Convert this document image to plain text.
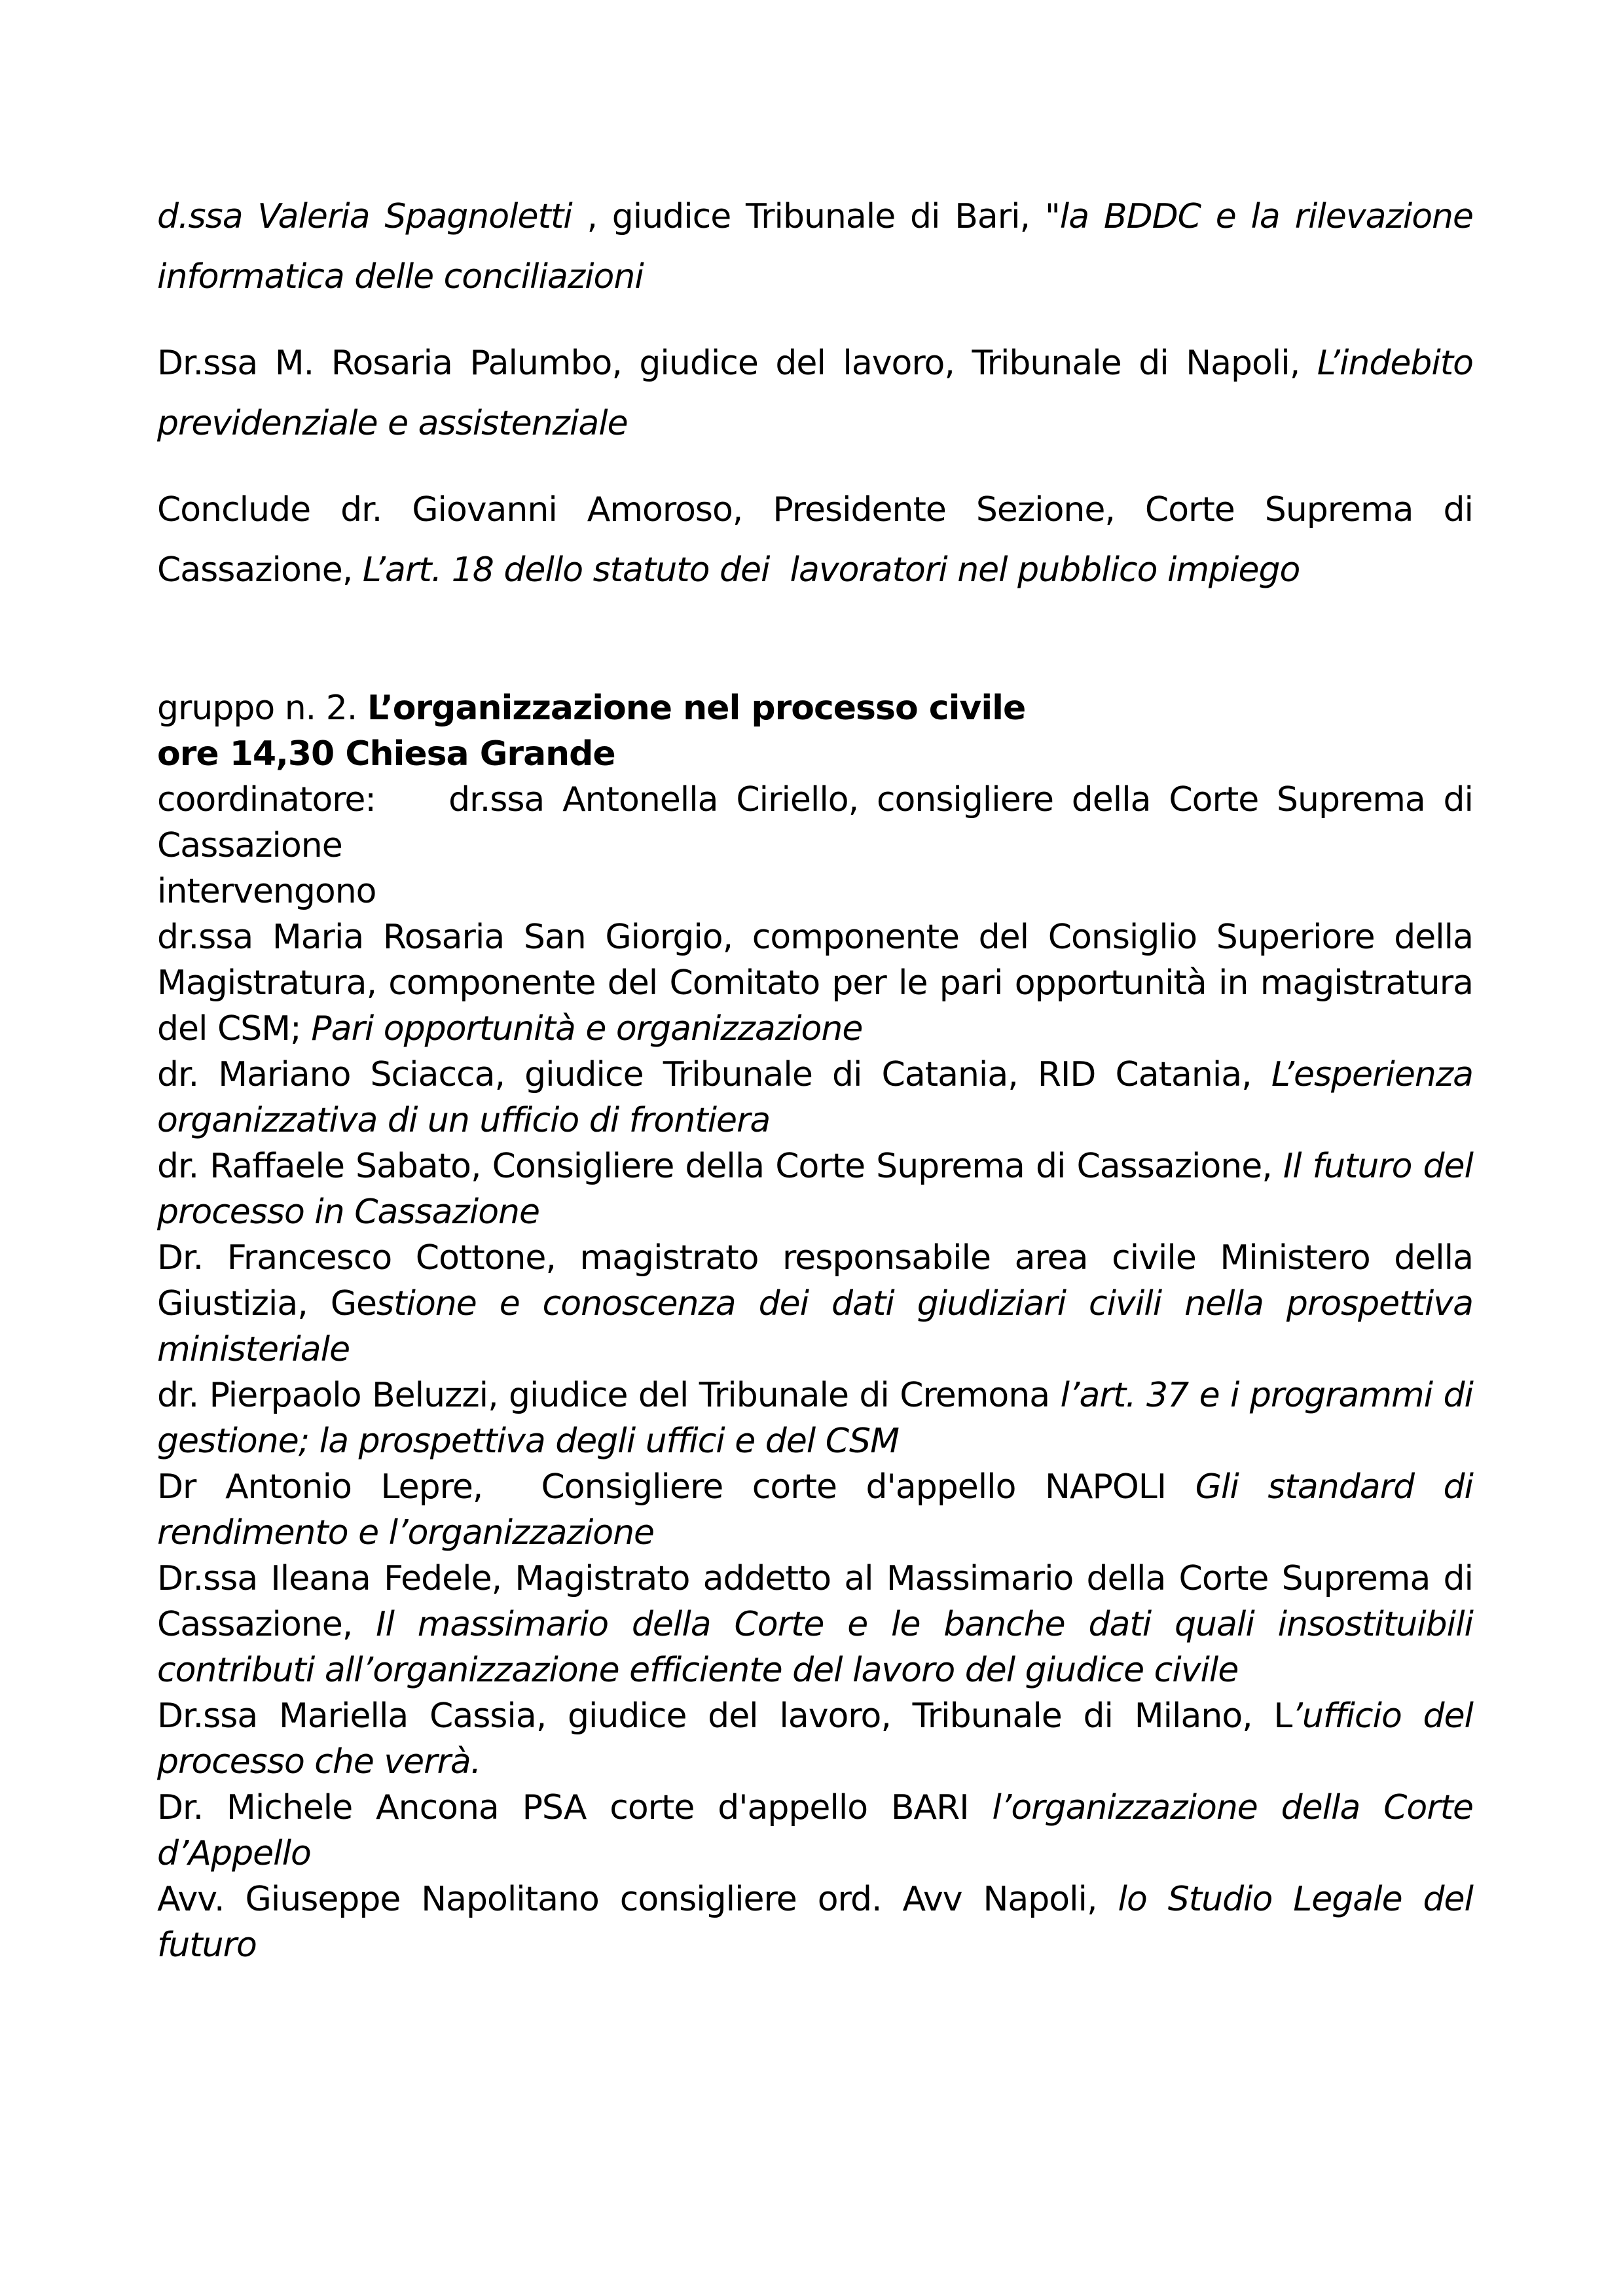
d.ssa Valeria Spagnoletti , giudice Tribunale di Bari, "la BDDC e la rilevazione informatica delle conciliazioni

Dr.ssa M. Rosaria Palumbo, giudice del lavoro, Tribunale di Napoli, L’indebito previdenziale e assistenziale

Conclude dr. Giovanni Amoroso, Presidente Sezione, Corte Suprema di Cassazione, L’art. 18 dello statuto dei  lavoratori nel pubblico impiego

gruppo n. 2. L’organizzazione nel processo civile

ore 14,30 Chiesa Grande

coordinatore:    dr.ssa Antonella Ciriello, consigliere della Corte Suprema di Cassazione

intervengono

dr.ssa Maria Rosaria San Giorgio, componente del Consiglio Superiore della Magistratura, componente del Comitato per le pari opportunità in magistratura del CSM; Pari opportunità e organizzazione

dr. Mariano Sciacca, giudice Tribunale di Catania, RID Catania, L’esperienza organizzativa di un ufficio di frontiera

dr. Raffaele Sabato, Consigliere della Corte Suprema di Cassazione, Il futuro del processo in Cassazione

Dr. Francesco Cottone, magistrato responsabile area civile Ministero della Giustizia, Gestione e conoscenza dei dati giudiziari civili nella prospettiva ministeriale

dr. Pierpaolo Beluzzi, giudice del Tribunale di Cremona l’art. 37 e i programmi di gestione; la prospettiva degli uffici e del CSM

Dr Antonio Lepre,  Consigliere corte d'appello NAPOLI Gli standard di rendimento e l’organizzazione

Dr.ssa Ileana Fedele, Magistrato addetto al Massimario della Corte Suprema di Cassazione, Il massimario della Corte e le banche dati quali insostituibili contributi all’organizzazione efficiente del lavoro del giudice civile

Dr.ssa Mariella Cassia, giudice del lavoro, Tribunale di Milano, L’ufficio del processo che verrà.

Dr. Michele Ancona PSA corte d'appello BARI l’organizzazione della Corte d’Appello

Avv. Giuseppe Napolitano consigliere ord. Avv Napoli, lo Studio Legale del futuro
